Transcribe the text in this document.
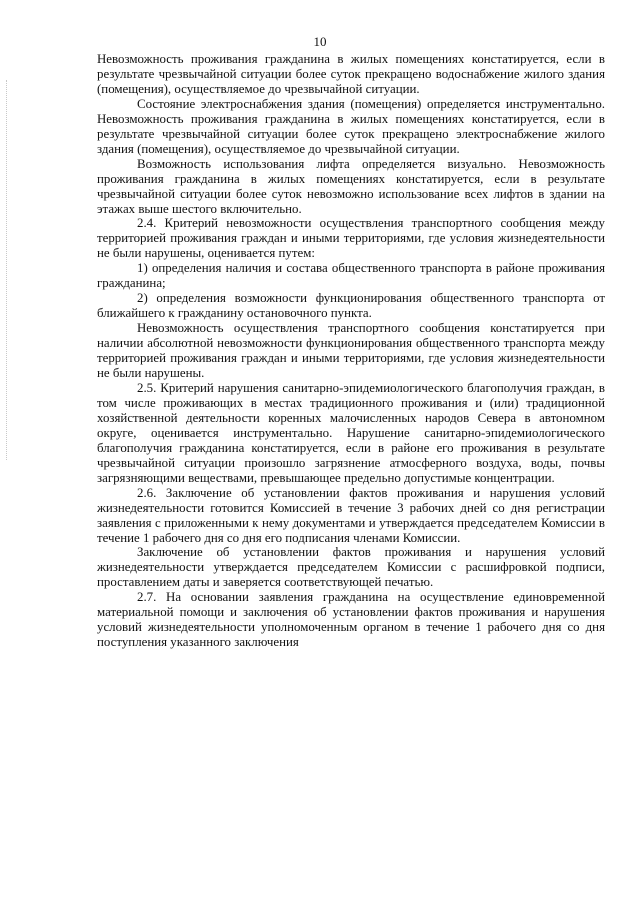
10

Невозможность проживания гражданина в жилых помещениях констатируется, если в результате чрезвычайной ситуации более суток прекращено водоснабжение жилого здания (помещения), осуществляемое до чрезвычайной ситуации.

Состояние электроснабжения здания (помещения) определяется инструментально. Невозможность проживания гражданина в жилых помещениях констатируется, если в результате чрезвычайной ситуации более суток прекращено электроснабжение жилого здания (помещения), осуществляемое до чрезвычайной ситуации.

Возможность использования лифта определяется визуально. Невозможность проживания гражданина в жилых помещениях констатируется, если в результате чрезвычайной ситуации более суток невозможно использование всех лифтов в здании на этажах выше шестого включительно.

2.4. Критерий невозможности осуществления транспортного сообщения между территорией проживания граждан и иными территориями, где условия жизнедеятельности не были нарушены, оценивается путем:

1) определения наличия и состава общественного транспорта в районе проживания гражданина;

2) определения возможности функционирования общественного транспорта от ближайшего к гражданину остановочного пункта.

Невозможность осуществления транспортного сообщения констатируется при наличии абсолютной невозможности функционирования общественного транспорта между территорией проживания граждан и иными территориями, где условия жизнедеятельности не были нарушены.

2.5. Критерий нарушения санитарно-эпидемиологического благополучия граждан, в том числе проживающих в местах традиционного проживания и (или) традиционной хозяйственной деятельности коренных малочисленных народов Севера в автономном округе, оценивается инструментально. Нарушение санитарно-эпидемиологического благополучия гражданина констатируется, если в районе его проживания в результате чрезвычайной ситуации произошло загрязнение атмосферного воздуха, воды, почвы загрязняющими веществами, превышающее предельно допустимые концентрации.

2.6. Заключение об установлении фактов проживания и нарушения условий жизнедеятельности готовится Комиссией в течение 3 рабочих дней со дня регистрации заявления с приложенными к нему документами и утверждается председателем Комиссии в течение 1 рабочего дня со дня его подписания членами Комиссии.

Заключение об установлении фактов проживания и нарушения условий жизнедеятельности утверждается председателем Комиссии с расшифровкой подписи, проставлением даты и заверяется соответствующей печатью.

2.7. На основании заявления гражданина на осуществление единовременной материальной помощи и заключения об установлении фактов проживания и нарушения условий жизнедеятельности уполномоченным органом в течение 1 рабочего дня со дня поступления указанного заключения
